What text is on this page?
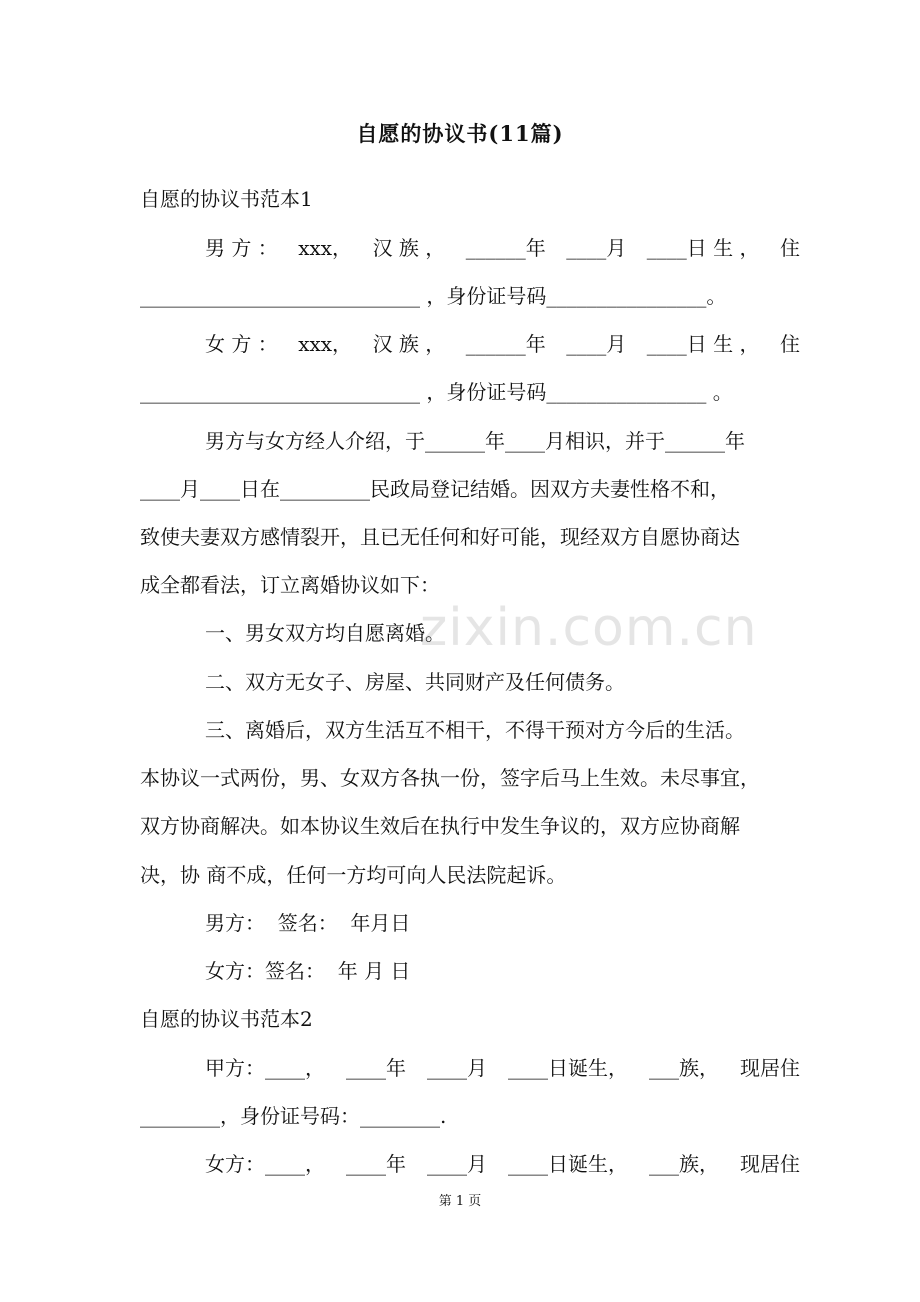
自愿的协议书(11篇)
自愿的协议书范本1
男 方 ： xxx， 汉 族 ， ______年 ____月 ____日 生 ， 住
____________________________ ，身份证号码________________。
女 方 ： xxx， 汉 族 ， ______年 ____月 ____日 生 ， 住
____________________________ ，身份证号码________________ 。
男方与女方经人介绍，于______年____月相识，并于______年
____月____日在_________民政局登记结婚。因双方夫妻性格不和，
致使夫妻双方感情裂开，且已无任何和好可能，现经双方自愿协商达
成全都看法，订立离婚协议如下：
zixin.com.cn
一、男女双方均自愿离婚。
二、双方无女子、房屋、共同财产及任何债务。
三、离婚后，双方生活互不相干，不得干预对方今后的生活。
本协议一式两份，男、女双方各执一份，签字后马上生效。未尽事宜，
双方协商解决。如本协议生效后在执行中发生争议的，双方应协商解
决，协 商不成，任何一方均可向人民法院起诉。
男方：  签名：  年月日
女方：签名：  年 月 日
自愿的协议书范本2
甲方：____， ____年 ____月 ____日诞生， ___族， 现居住
________，身份证号码：________.
女方：____， ____年 ____月 ____日诞生， ___族， 现居住
第 1 页
